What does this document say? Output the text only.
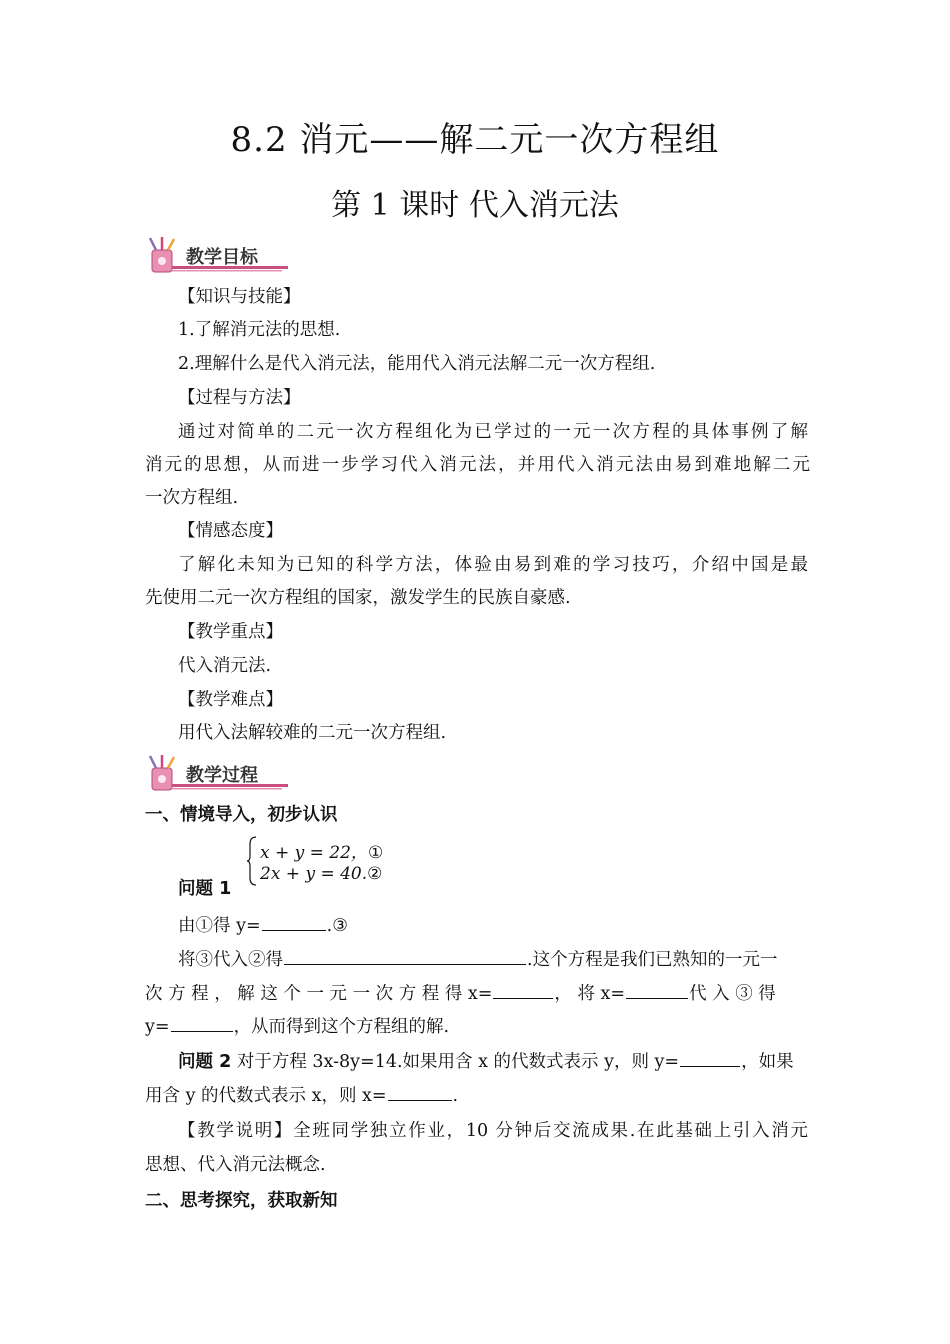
8.2 消元——解二元一次方程组
第 1 课时 代入消元法
教学目标
【知识与技能】
1.了解消元法的思想.
2.理解什么是代入消元法，能用代入消元法解二元一次方程组.
【过程与方法】
通过对简单的二元一次方程组化为已学过的一元一次方程的具体事例了解
消元的思想，从而进一步学习代入消元法，并用代入消元法由易到难地解二元
一次方程组.
【情感态度】
了解化未知为已知的科学方法，体验由易到难的学习技巧，介绍中国是最
先使用二元一次方程组的国家，激发学生的民族自豪感.
【教学重点】
代入消元法.
【教学难点】
用代入法解较难的二元一次方程组.
教学过程
一、情境导入，初步认识
x + y = 22，①
2x + y = 40.②
问题 1
由①得 y=	.③
将③代入②得	.这个方程是我们已熟知的一元一
次 方 程 ， 解 这 个 一 元 一 次 方 程 得 x=	， 将 x=	代 入 ③ 得
y=	，从而得到这个方程组的解.
问题 2 对于方程 3x-8y=14.如果用含 x 的代数式表示 y，则 y=	，如果
用含 y 的代数式表示 x，则 x=	.
【教学说明】全班同学独立作业，10 分钟后交流成果.在此基础上引入消元
思想、代入消元法概念.
二、思考探究，获取新知
